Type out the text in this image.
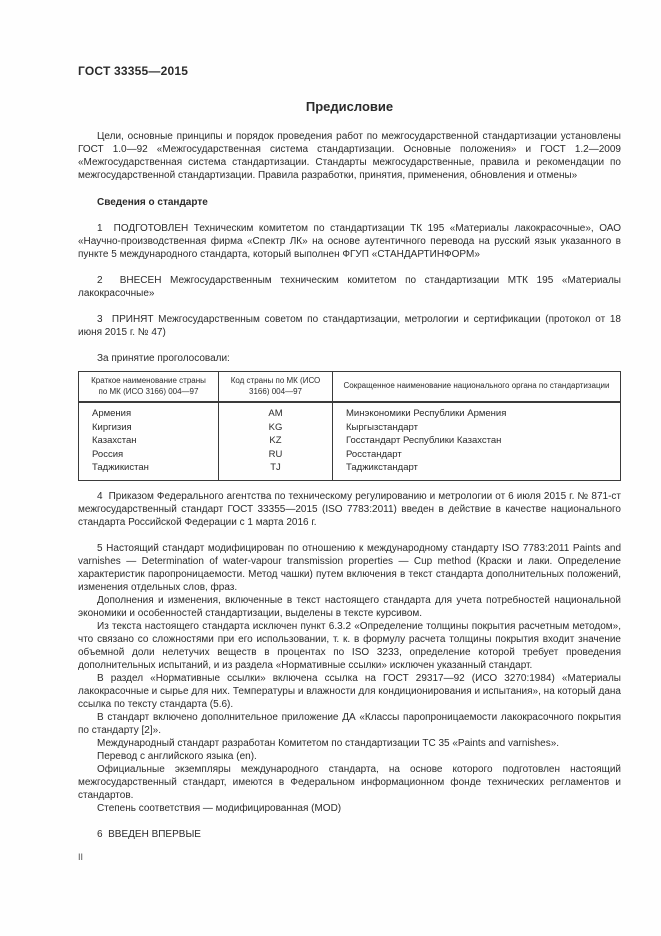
ГОСТ 33355—2015
Предисловие

Цели, основные принципы и порядок проведения работ по межгосударственной стандартизации установлены ГОСТ 1.0—92 «Межгосударственная система стандартизации. Основные положения» и ГОСТ 1.2—2009 «Межгосударственная система стандартизации. Стандарты межгосударственные, правила и рекомендации по межгосударственной стандартизации. Правила разработки, принятия, применения, обновления и отмены»

Сведения о стандарте

1  ПОДГОТОВЛЕН Техническим комитетом по стандартизации ТК 195 «Материалы лакокрасочные», ОАО «Научно-производственная фирма «Спектр ЛК» на основе аутентичного перевода на русский язык указанного в пункте 5 международного стандарта, который выполнен ФГУП «СТАНДАРТИНФОРМ»

2  ВНЕСЕН Межгосударственным техническим комитетом по стандартизации МТК 195 «Материалы лакокрасочные»

3  ПРИНЯТ Межгосударственным советом по стандартизации, метрологии и сертификации (протокол от 18 июня 2015 г. № 47)

За принятие проголосовали:

Краткое наименование страны по МК (ИСО 3166) 004—97	Код страны по МК (ИСО 3166) 004—97	Сокращенное наименование национального органа по стандартизации
Армения	AM	Минэкономики Республики Армения
Киргизия	KG	Кыргызстандарт
Казахстан	KZ	Госстандарт Республики Казахстан
Россия	RU	Росстандарт
Таджикистан	TJ	Таджикстандарт

4  Приказом Федерального агентства по техническому регулированию и метрологии от 6 июля 2015 г. № 871-ст межгосударственный стандарт ГОСТ 33355—2015 (ISO 7783:2011) введен в действие в качестве национального стандарта Российской Федерации с 1 марта 2016 г.

5 Настоящий стандарт модифицирован по отношению к международному стандарту ISO 7783:2011 Paints and varnishes — Determination of water-vapour transmission properties — Cup method (Краски и лаки. Определение характеристик паропроницаемости. Метод чашки) путем включения в текст стандарта дополнительных положений, изменения отдельных слов, фраз.

Дополнения и изменения, включенные в текст настоящего стандарта для учета потребностей национальной экономики и особенностей стандартизации, выделены в тексте курсивом.

Из текста настоящего стандарта исключен пункт 6.3.2 «Определение толщины покрытия расчетным методом», что связано со сложностями при его использовании, т. к. в формулу расчета толщины покрытия входит значение объемной доли нелетучих веществ в процентах по ISO 3233, определение которой требует проведения дополнительных испытаний, и из раздела «Нормативные ссылки» исключен указанный стандарт.

В раздел «Нормативные ссылки» включена ссылка на ГОСТ 29317—92 (ИСО 3270:1984) «Материалы лакокрасочные и сырье для них. Температуры и влажности для кондиционирования и испытания», на который дана ссылка по тексту стандарта (5.6).

В стандарт включено дополнительное приложение ДА «Классы паропроницаемости лакокрасочного покрытия по стандарту [2]».

Международный стандарт разработан Комитетом по стандартизации ТС 35 «Paints and varnishes».

Перевод с английского языка (en).

Официальные экземпляры международного стандарта, на основе которого подготовлен настоящий межгосударственный стандарт, имеются в Федеральном информационном фонде технических регламентов и стандартов.

Степень соответствия — модифицированная (MOD)

6  ВВЕДЕН ВПЕРВЫЕ

II
